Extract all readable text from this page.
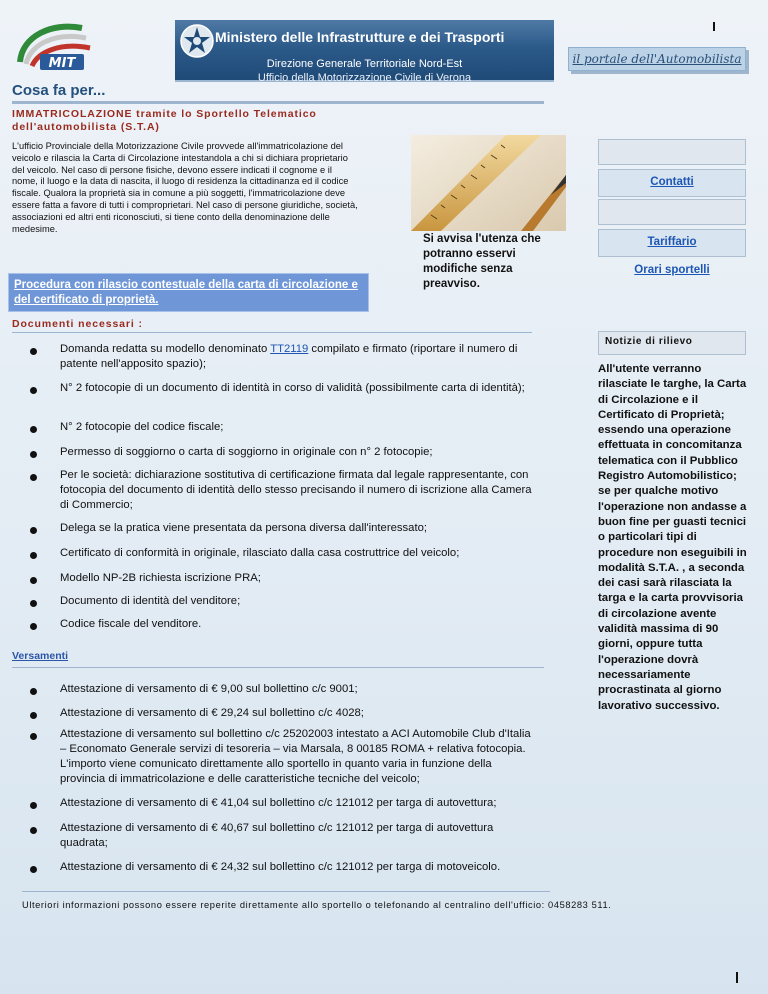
MIT
Ministero delle Infrastrutture e dei Trasporti
Direzione Generale Territoriale Nord-Est
Ufficio della Motorizzazione Civile di Verona
il portale dell'Automobilista
Cosa fa per...
IMMATRICOLAZIONE tramite lo Sportello Telematico
dell'automobilista (S.T.A)
L'ufficio Provinciale della Motorizzazione Civile provvede all'immatricolazione del veicolo e rilascia la Carta di Circolazione intestandola a chi si dichiara proprietario del veicolo. Nel caso di persone fisiche, devono essere indicati il cognome e il nome, il luogo e la data di nascita, il luogo di residenza la cittadinanza ed il codice fiscale. Qualora la proprietà sia in comune a più soggetti, l'immatricolazione deve essere fatta a favore di tutti i comproprietari. Nel caso di persone giuridiche, società, associazioni ed altri enti riconosciuti, si tiene conto della denominazione delle medesime.
Procedura con rilascio contestuale della carta di circolazione e del certificato di proprietà.
Si avvisa l'utenza che potranno esservi modifiche senza preavviso.
Contatti
Tariffario
Orari sportelli
Notizie di rilievo
All'utente verranno rilasciate le targhe, la Carta di Circolazione e il Certificato di Proprietà; essendo una operazione effettuata in concomitanza telematica con il Pubblico Registro Automobilistico; se per qualche motivo l'operazione non andasse a buon fine per guasti tecnici o particolari tipi di procedure non eseguibili in modalità S.T.A. , a seconda dei casi sarà rilasciata la targa e la carta provvisoria di circolazione avente validità massima di 90 giorni, oppure tutta l'operazione dovrà necessariamente procrastinata al giorno lavorativo successivo.
Documenti necessari :
Domanda redatta su modello denominato TT2119 compilato e firmato (riportare il numero di patente nell'apposito spazio);
N° 2 fotocopie di un documento di identità in corso di validità (possibilmente carta di identità);
N° 2 fotocopie del codice fiscale;
Permesso di soggiorno o carta di soggiorno in originale con n° 2 fotocopie;
Per le società: dichiarazione sostitutiva di certificazione firmata dal legale rappresentante, con fotocopia del documento di identità dello stesso precisando il numero di iscrizione alla Camera di Commercio;
Delega se la pratica viene presentata da persona diversa dall'interessato;
Certificato di conformità in originale, rilasciato dalla casa costruttrice del veicolo;
Modello NP-2B richiesta iscrizione PRA;
Documento di identità del venditore;
Codice fiscale del venditore.
Versamenti
Attestazione di versamento di € 9,00 sul bollettino c/c 9001;
Attestazione di versamento di € 29,24 sul bollettino c/c 4028;
Attestazione di versamento sul bollettino c/c 25202003 intestato a ACI Automobile Club d'Italia – Economato Generale servizi di tesoreria – via Marsala, 8 00185 ROMA + relativa fotocopia. L'importo viene comunicato direttamente allo sportello in quanto varia in funzione della provincia di immatricolazione e delle caratteristiche tecniche del veicolo;
Attestazione di versamento di € 41,04 sul bollettino c/c 121012 per targa di autovettura;
Attestazione di versamento di € 40,67 sul bollettino c/c 121012 per targa di autovettura quadrata;
Attestazione di versamento di € 24,32 sul bollettino c/c 121012 per targa di motoveicolo.
Ulteriori informazioni possono essere reperite direttamente allo sportello o telefonando al centralino dell'ufficio: 0458283 511.
